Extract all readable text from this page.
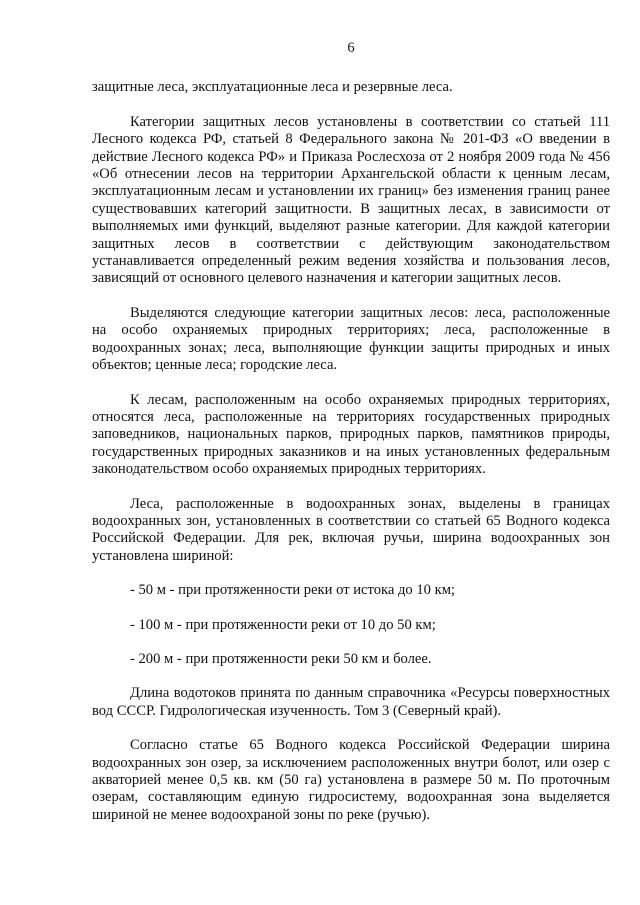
6

защитные леса, эксплуатационные леса и резервные леса.

Категории защитных лесов установлены в соответствии со статьей 111 Лесного кодекса РФ, статьей 8 Федерального закона № 201-ФЗ «О введении в действие Лесного кодекса РФ» и Приказа Рослесхоза от 2 ноября 2009 года № 456 «Об отнесении лесов на территории Архангельской области к ценным лесам, эксплуатационным лесам и установлении их границ» без изменения границ ранее существовавших категорий защитности. В защитных лесах, в зависимости от выполняемых ими функций, выделяют разные категории. Для каждой категории защитных лесов в соответствии с действующим законодательством устанавливается определенный режим ведения хозяйства и пользования лесов, зависящий от основного целевого назначения и категории защитных лесов.

Выделяются следующие категории защитных лесов: леса, расположенные на особо охраняемых природных территориях; леса, расположенные в водоохранных зонах; леса, выполняющие функции защиты природных и иных объектов; ценные леса; городские леса.

К лесам, расположенным на особо охраняемых природных территориях, относятся леса, расположенные на территориях государственных природных заповедников, национальных парков, природных парков, памятников природы, государственных природных заказников и на иных установленных федеральным законодательством особо охраняемых природных территориях.

Леса, расположенные в водоохранных зонах, выделены в границах водоохранных зон, установленных в соответствии со статьей 65 Водного кодекса Российской Федерации. Для рек, включая ручьи, ширина водоохранных зон установлена шириной:

- 50 м - при протяженности реки от истока до 10 км;

- 100 м - при протяженности реки от 10 до 50 км;

- 200 м - при протяженности реки 50 км и более.

Длина водотоков принята по данным справочника «Ресурсы поверхностных вод СССР. Гидрологическая изученность. Том 3 (Северный край).

Согласно статье 65 Водного кодекса Российской Федерации ширина водоохранных зон озер, за исключением расположенных внутри болот, или озер с акваторией менее 0,5 кв. км (50 га) установлена в размере 50 м. По проточным озерам, составляющим единую гидросистему, водоохранная зона выделяется шириной не менее водоохраной зоны по реке (ручью).
